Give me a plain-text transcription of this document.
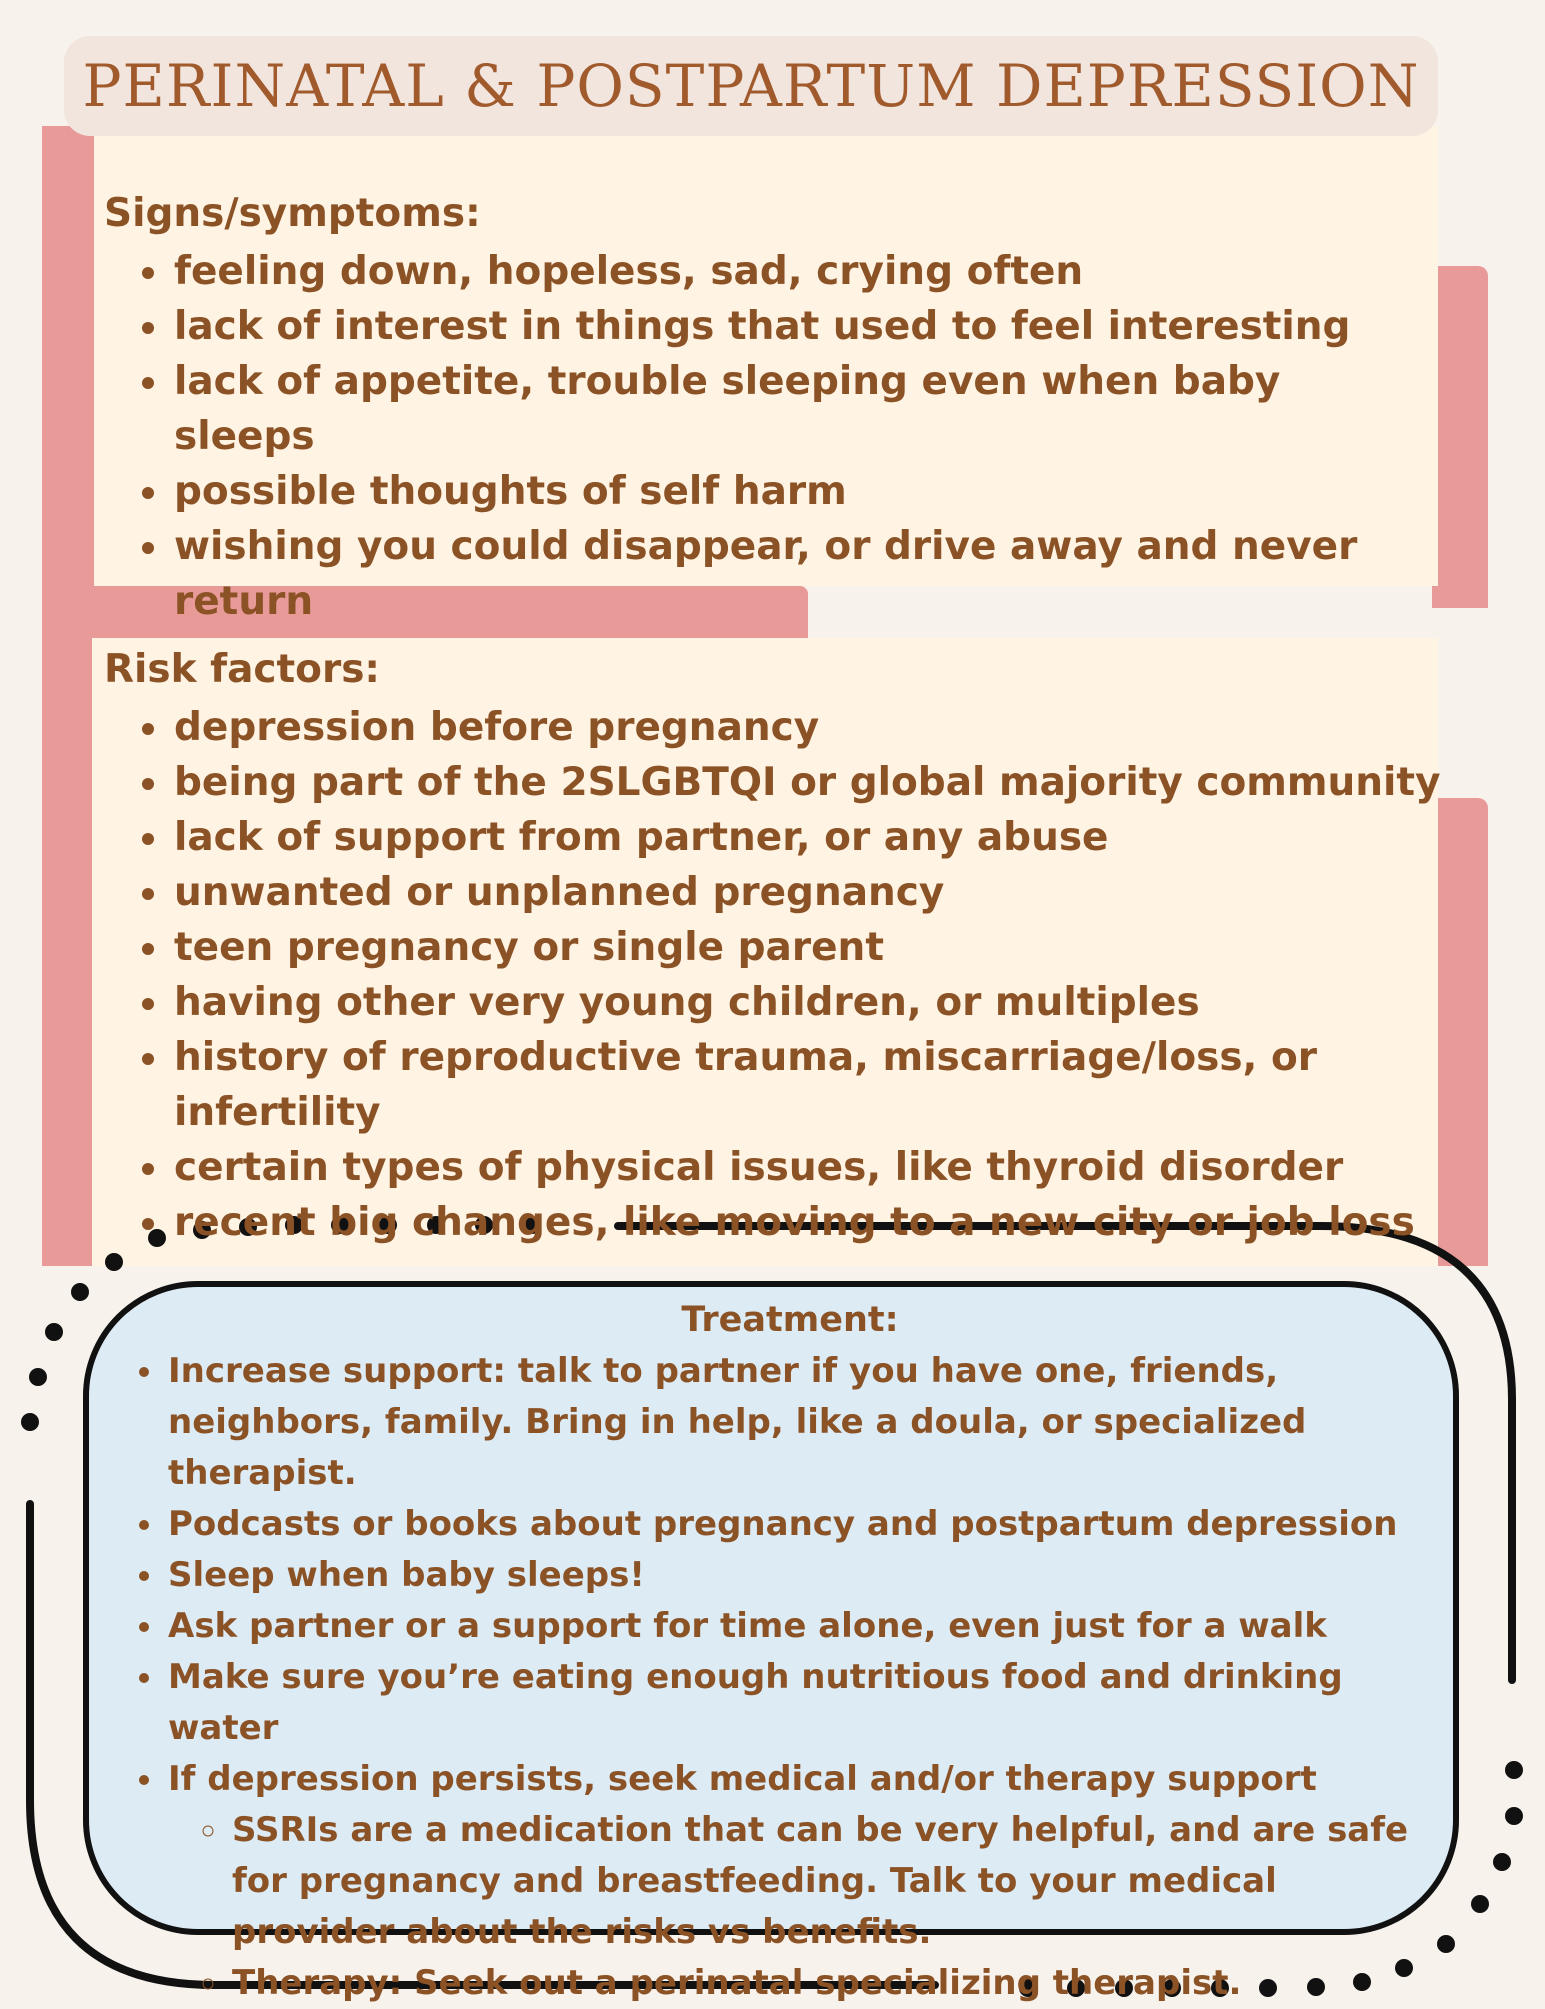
PERINATAL & POSTPARTUM DEPRESSION
Signs/symptoms:
• feeling down, hopeless, sad, crying often
• lack of interest in things that used to feel interesting
• lack of appetite, trouble sleeping even when baby sleeps
• possible thoughts of self harm
• wishing you could disappear, or drive away and never return
Risk factors:
• depression before pregnancy
• being part of the 2SLGBTQI or global majority community
• lack of support from partner, or any abuse
• unwanted or unplanned pregnancy
• teen pregnancy or single parent
• having other very young children, or multiples
• history of reproductive trauma, miscarriage/loss, or infertility
• certain types of physical issues, like thyroid disorder
• recent big changes, like moving to a new city or job loss
Treatment:
• Increase support: talk to partner if you have one, friends, neighbors, family. Bring in help, like a doula, or specialized therapist.
• Podcasts or books about pregnancy and postpartum depression
• Sleep when baby sleeps!
• Ask partner or a support for time alone, even just for a walk
• Make sure you’re eating enough nutritious food and drinking water
• If depression persists, seek medical and/or therapy support
◦ SSRIs are a medication that can be very helpful, and are safe for pregnancy and breastfeeding. Talk to your medical provider about the risks vs benefits.
◦ Therapy: Seek out a perinatal specializing therapist.
